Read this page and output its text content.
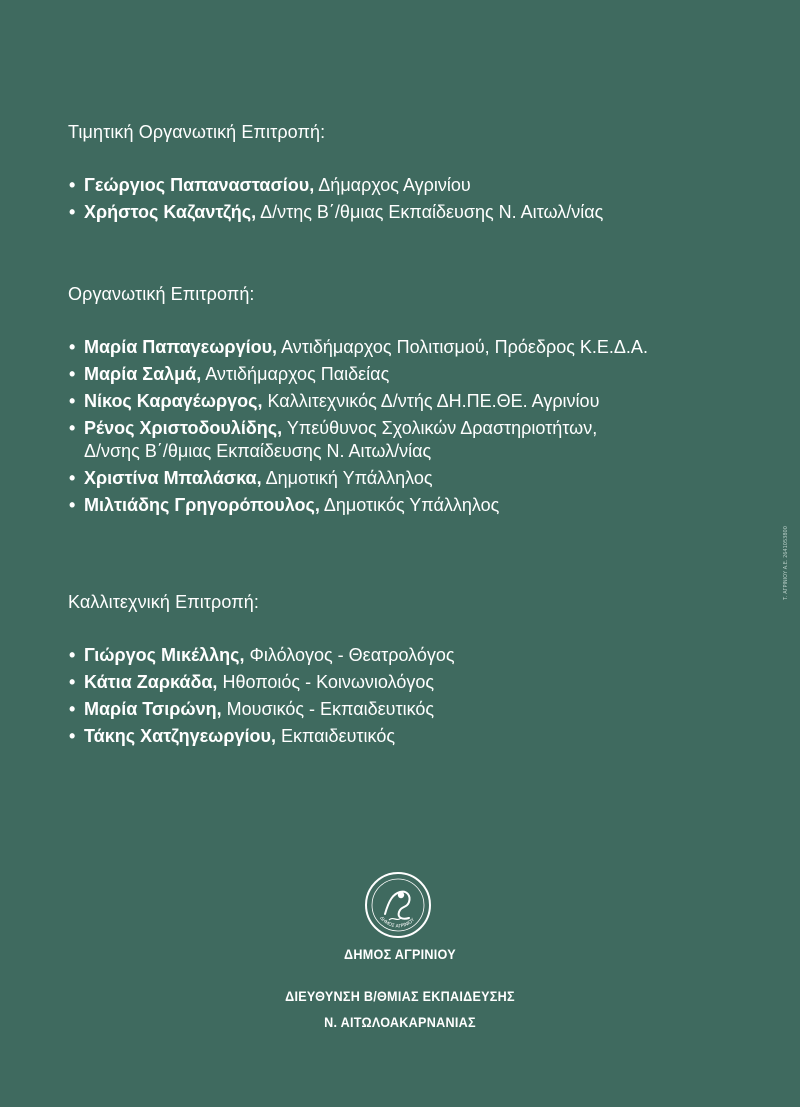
Τιμητική Οργανωτική Επιτροπή:
• Γεώργιος Παπαναστασίου, Δήμαρχος Αγρινίου
• Χρήστος Καζαντζής, Δ/ντης Β΄/θμιας Εκπαίδευσης Ν. Αιτωλ/νίας
Οργανωτική Επιτροπή:
• Μαρία Παπαγεωργίου, Αντιδήμαρχος Πολιτισμού, Πρόεδρος Κ.Ε.Δ.Α.
• Μαρία Σαλμά, Αντιδήμαρχος Παιδείας
• Νίκος Καραγέωργος, Καλλιτεχνικός Δ/ντής ΔΗ.ΠΕ.ΘΕ. Αγρινίου
• Ρένος Χριστοδουλίδης, Υπεύθυνος Σχολικών Δραστηριοτήτων,
Δ/νσης Β΄/θμιας Εκπαίδευσης Ν. Αιτωλ/νίας
• Χριστίνα Μπαλάσκα, Δημοτική Υπάλληλος
• Μιλτιάδης Γρηγορόπουλος, Δημοτικός Υπάλληλος
Καλλιτεχνική Επιτροπή:
• Γιώργος Μικέλλης, Φιλόλογος - Θεατρολόγος
• Κάτια Ζαρκάδα, Ηθοποιός - Κοινωνιολόγος
• Μαρία Τσιρώνη, Μουσικός - Εκπαιδευτικός
• Τάκης Χατζηγεωργίου, Εκπαιδευτικός
ΔΗΜΟΣ ΑΓΡΙΝΙΟΥ
ΔΗΜΟΣ ΑΓΡΙΝΙΟΥ
ΔΙΕΥΘΥΝΣΗ Β/ΘΜΙΑΣ ΕΚΠΑΙΔΕΥΣΗΣ
Ν. ΑΙΤΩΛΟΑΚΑΡΝΑΝΙΑΣ
Τ. ΑΓΡΙΝΙΟΥ Α.Ε. 2641053800
